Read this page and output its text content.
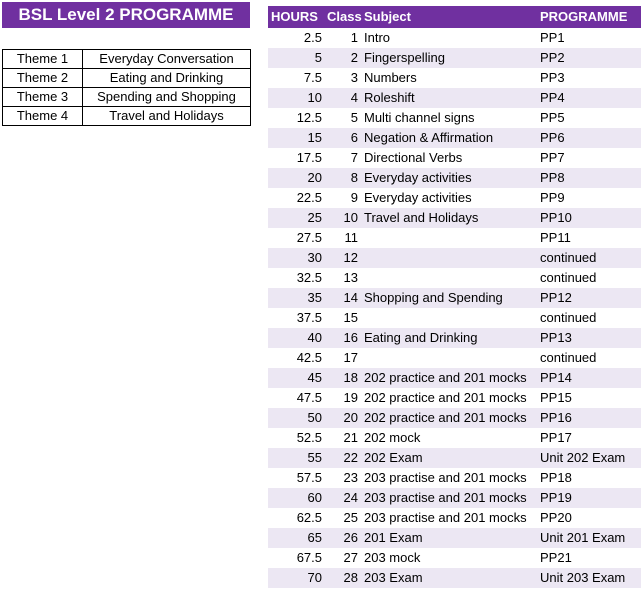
BSL Level 2 PROGRAMME
Theme 1	Everyday Conversation
Theme 2	Eating and Drinking
Theme 3	Spending and Shopping
Theme 4	Travel and Holidays
HOURS Class Subject	PROGRAMME
2.5	1 Intro	PP1
5	2 Fingerspelling	PP2
7.5	3 Numbers	PP3
10	4 Roleshift	PP4
12.5	5 Multi channel signs	PP5
15	6 Negation & Affirmation	PP6
17.5	7 Directional Verbs	PP7
20	8 Everyday activities	PP8
22.5	9 Everyday activities	PP9
25	10 Travel and Holidays	PP10
27.5	11	PP11
30	12	continued
32.5	13	continued
35	14 Shopping and Spending	PP12
37.5	15	continued
40	16 Eating and Drinking	PP13
42.5	17	continued
45	18 202 practice and 201 mocks	PP14
47.5	19 202 practice and 201 mocks	PP15
50	20 202 practice and 201 mocks	PP16
52.5	21 202 mock	PP17
55	22 202 Exam	Unit 202 Exam
57.5	23 203 practise and 201 mocks	PP18
60	24 203 practise and 201 mocks	PP19
62.5	25 203 practise and 201 mocks	PP20
65	26 201 Exam	Unit 201 Exam
67.5	27 203 mock	PP21
70	28 203 Exam	Unit 203 Exam
